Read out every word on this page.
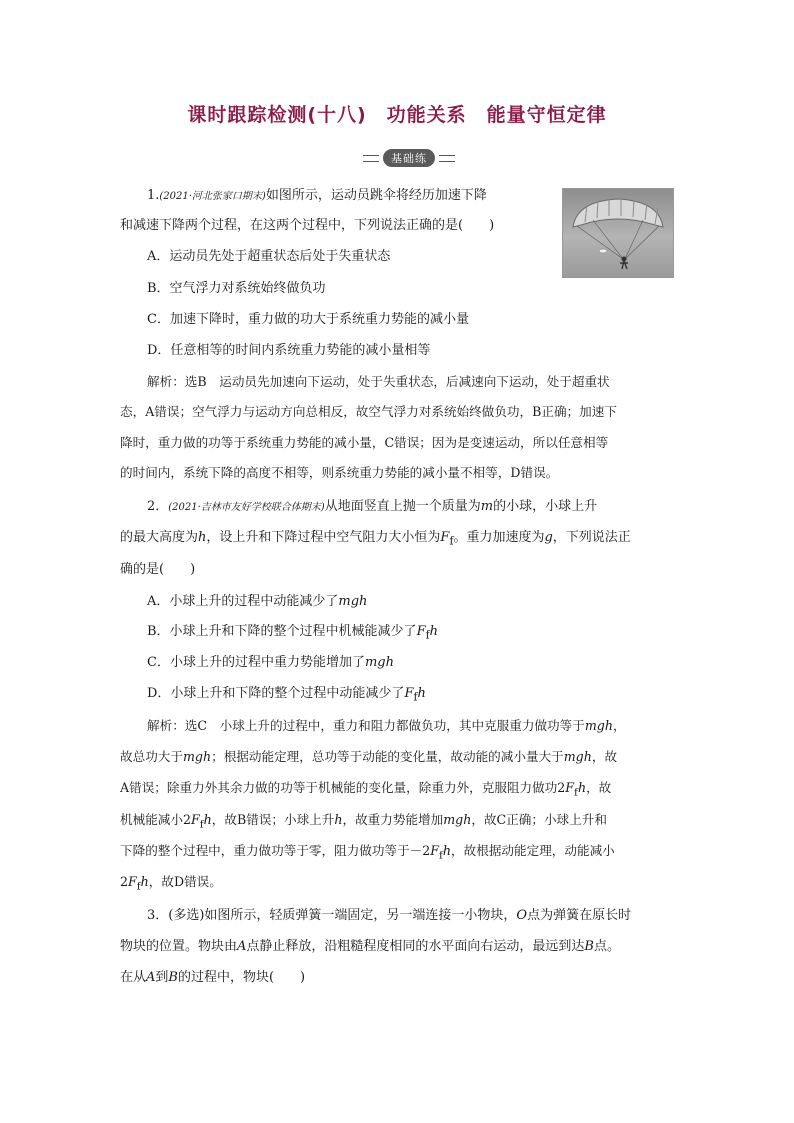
课时跟踪检测(十八)　功能关系　能量守恒定律
基础练
1.(2021·河北张家口期末)如图所示，运动员跳伞将经历加速下降
和减速下降两个过程，在这两个过程中，下列说法正确的是(　　)
A．运动员先处于超重状态后处于失重状态
B．空气浮力对系统始终做负功
C．加速下降时，重力做的功大于系统重力势能的减小量
D．任意相等的时间内系统重力势能的减小量相等
解析：选B　运动员先加速向下运动，处于失重状态，后减速向下运动，处于超重状
态，A错误；空气浮力与运动方向总相反，故空气浮力对系统始终做负功，B正确；加速下
降时，重力做的功等于系统重力势能的减小量，C错误；因为是变速运动，所以任意相等
的时间内，系统下降的高度不相等，则系统重力势能的减小量不相等，D错误。
2．(2021·吉林市友好学校联合体期末)从地面竖直上抛一个质量为m的小球，小球上升
的最大高度为h，设上升和下降过程中空气阻力大小恒为$F_f$。重力加速度为g，下列说法正
确的是(　　)
A．小球上升的过程中动能减少了mgh
B．小球上升和下降的整个过程中机械能减少了$F_fh$
C．小球上升的过程中重力势能增加了mgh
D．小球上升和下降的整个过程中动能减少了$F_fh$
解析：选C　小球上升的过程中，重力和阻力都做负功，其中克服重力做功等于mgh，
故总功大于mgh；根据动能定理，总功等于动能的变化量，故动能的减小量大于mgh，故
A错误；除重力外其余力做的功等于机械能的变化量，除重力外，克服阻力做功$2F_fh$，故
机械能减小$2F_fh$，故B错误；小球上升h，故重力势能增加mgh，故C正确；小球上升和
下降的整个过程中，重力做功等于零，阻力做功等于$-2F_fh$，故根据动能定理，动能减小
$2F_fh$，故D错误。
3．(多选)如图所示，轻质弹簧一端固定，另一端连接一小物块，O点为弹簧在原长时
物块的位置。物块由A点静止释放，沿粗糙程度相同的水平面向右运动，最远到达B点。
在从A到B的过程中，物块(　　)
